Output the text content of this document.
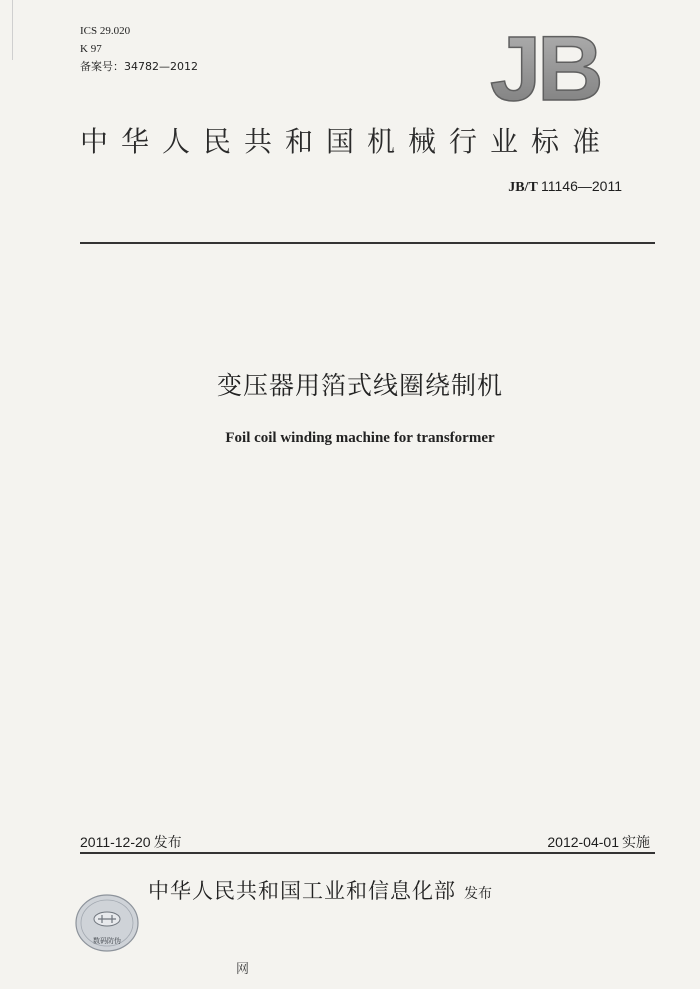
ICS 29.020
K 97
备案号：34782—2012	JB
中华人民共和国机械行业标准
JB/T 11146—2011
变压器用箔式线圈绕制机
Foil coil winding machine for transformer
2011-12-20 发布	2012-04-01 实施
中华人民共和国工业和信息化部 发布
数码防伪
网
